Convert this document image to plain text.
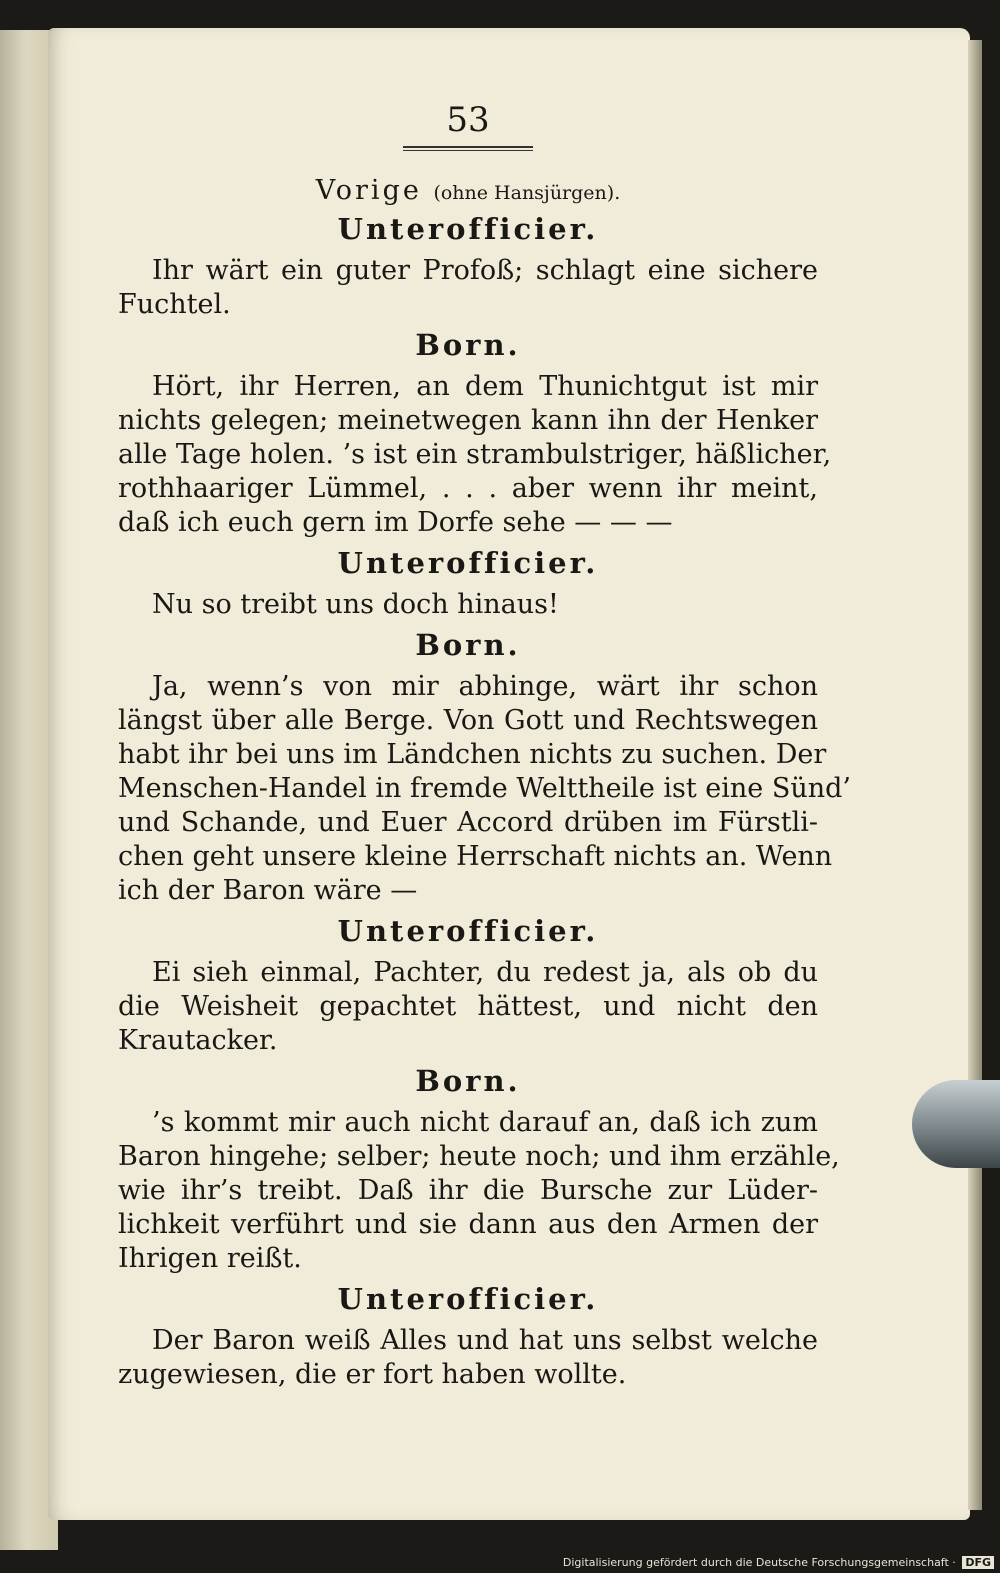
53
Vorige (ohne Hansjürgen).
Unterofficier.

Ihr wärt ein guter Profoß; schlagt eine sichere

Fuchtel.

Born.

Hört, ihr Herren, an dem Thunichtgut ist mir

nichts gelegen; meinetwegen kann ihn der Henker

alle Tage holen. ’s ist ein strambulstriger, häßlicher,

rothhaariger Lümmel, . . . aber wenn ihr meint,

daß ich euch gern im Dorfe sehe — — —

Unterofficier.

Nu so treibt uns doch hinaus!

Born.

Ja, wenn’s von mir abhinge, wärt ihr schon

längst über alle Berge. Von Gott und Rechtswegen

habt ihr bei uns im Ländchen nichts zu suchen. Der

Menschen-Handel in fremde Welttheile ist eine Sünd’

und Schande, und Euer Accord drüben im Fürstli-

chen geht unsere kleine Herrschaft nichts an. Wenn

ich der Baron wäre —

Unterofficier.

Ei sieh einmal, Pachter, du redest ja, als ob du

die Weisheit gepachtet hättest, und nicht den

Krautacker.

Born.

’s kommt mir auch nicht darauf an, daß ich zum

Baron hingehe; selber; heute noch; und ihm erzähle,

wie ihr’s treibt. Daß ihr die Bursche zur Lüder-

lichkeit verführt und sie dann aus den Armen der

Ihrigen reißt.

Unterofficier.

Der Baron weiß Alles und hat uns selbst welche

zugewiesen, die er fort haben wollte.

Digitalisierung gefördert durch die Deutsche Forschungsgemeinschaft · DFG
